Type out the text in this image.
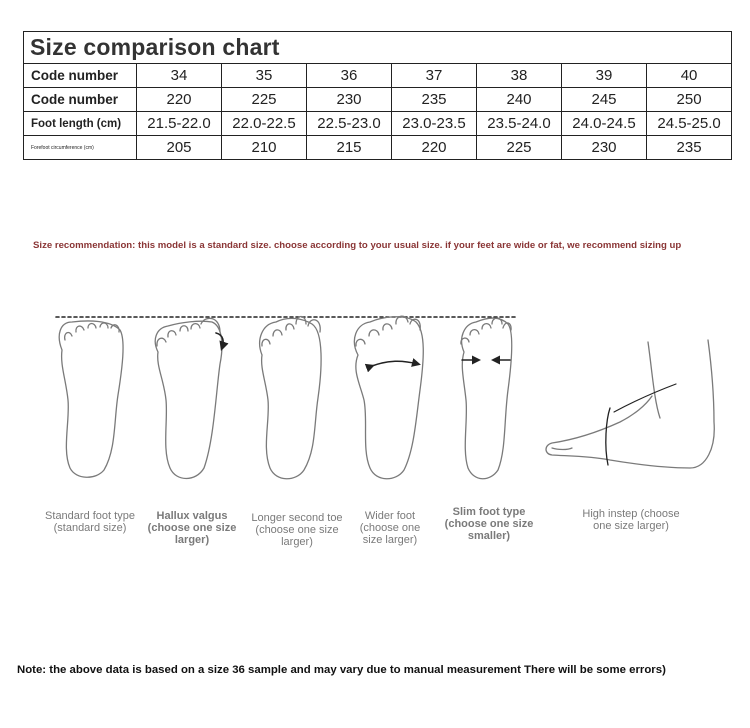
Size comparison chart							
Code number	34	35	36	37	38	39	40
Code number	220	225	230	235	240	245	250
Foot length (cm)	21.5-22.0	22.0-22.5	22.5-23.0	23.0-23.5	23.5-24.0	24.0-24.5	24.5-25.0
Forefoot circumference (cm)	205	210	215	220	225	230	235
Size recommendation: this model is a standard size. choose according to your usual size. if your feet are wide or fat, we recommend sizing up
Standard foot type (standard size)
Hallux valgus (choose one size larger)
Longer second toe (choose one size larger)
Wider foot (choose one size larger)
Slim foot type (choose one size smaller)
High instep (choose one size larger)
Note: the above data is based on a size 36 sample and may vary due to manual measurement There will be some errors)
